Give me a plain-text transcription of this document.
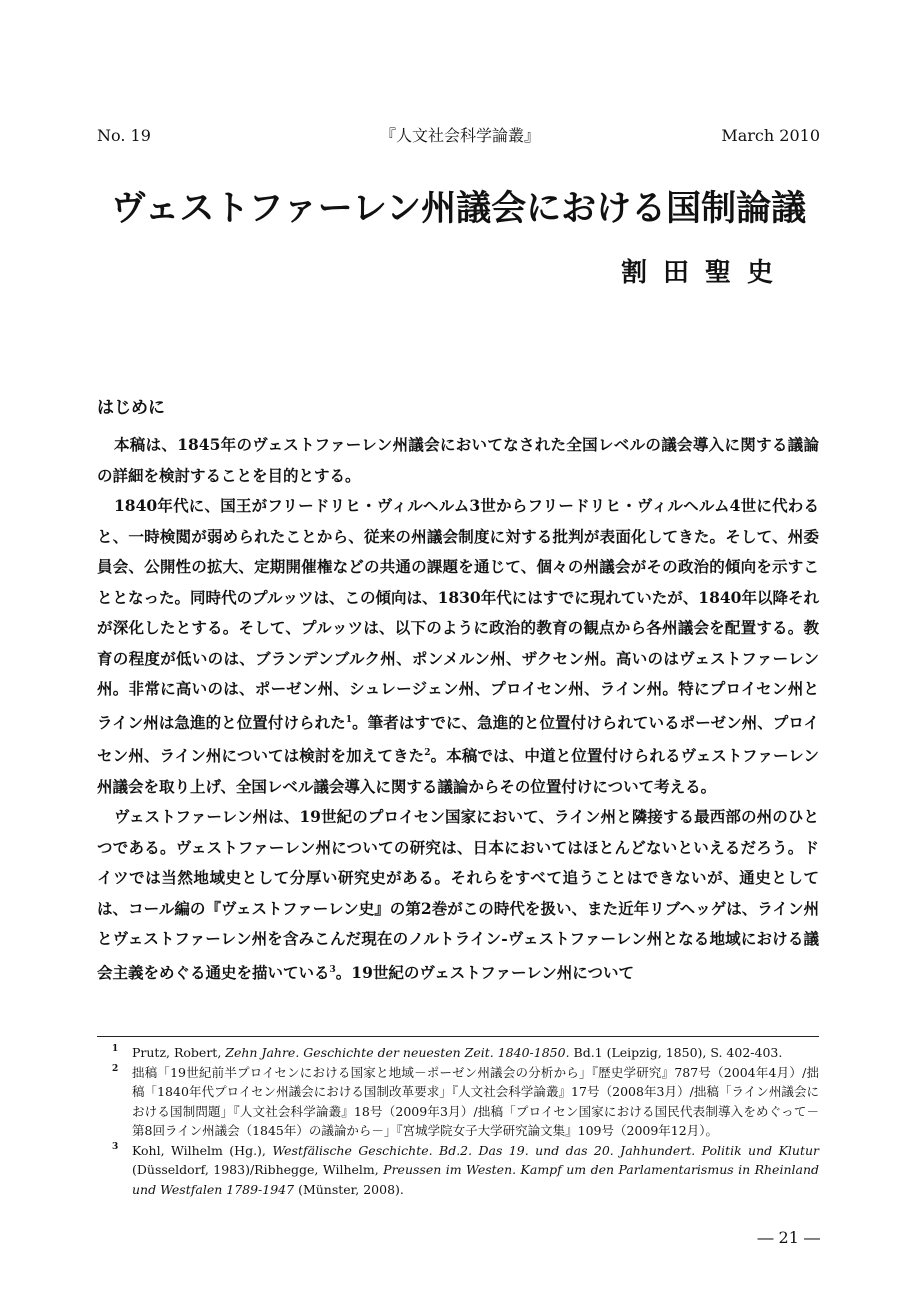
No. 19	『人文社会科学論叢』	March 2010
ヴェストファーレン州議会における国制論議
割田聖史
はじめに

本稿は、1845年のヴェストファーレン州議会においてなされた全国レベルの議会導入に関する議論の詳細を検討することを目的とする。

1840年代に、国王がフリードリヒ・ヴィルヘルム3世からフリードリヒ・ヴィルヘルム4世に代わると、一時検閲が弱められたことから、従来の州議会制度に対する批判が表面化してきた。そして、州委員会、公開性の拡大、定期開催権などの共通の課題を通じて、個々の州議会がその政治的傾向を示すこととなった。同時代のプルッツは、この傾向は、1830年代にはすでに現れていたが、1840年以降それが深化したとする。そして、プルッツは、以下のように政治的教育の観点から各州議会を配置する。教育の程度が低いのは、ブランデンブルク州、ポンメルン州、ザクセン州。高いのはヴェストファーレン州。非常に高いのは、ポーゼン州、シュレージェン州、プロイセン州、ライン州。特にプロイセン州とライン州は急進的と位置付けられた$^1$。筆者はすでに、急進的と位置付けられているポーゼン州、プロイセン州、ライン州については検討を加えてきた$^2$。本稿では、中道と位置付けられるヴェストファーレン州議会を取り上げ、全国レベル議会導入に関する議論からその位置付けについて考える。

ヴェストファーレン州は、19世紀のプロイセン国家において、ライン州と隣接する最西部の州のひとつである。ヴェストファーレン州についての研究は、日本においてはほとんどないといえるだろう。ドイツでは当然地域史として分厚い研究史がある。それらをすべて追うことはできないが、通史としては、コール編の『ヴェストファーレン史』の第2巻がこの時代を扱い、また近年リブヘッゲは、ライン州とヴェストファーレン州を含みこんだ現在のノルトライン-ヴェストファーレン州となる地域における議会主義をめぐる通史を描いている$^3$。19世紀のヴェストファーレン州について

1 Prutz, Robert, Zehn Jahre. Geschichte der neuesten Zeit. 1840-1850. Bd.1 (Leipzig, 1850), S. 402-403.
2 拙稿「19世紀前半プロイセンにおける国家と地域－ポーゼン州議会の分析から」『歴史学研究』787号（2004年4月）/拙稿「1840年代プロイセン州議会における国制改革要求」『人文社会科学論叢』17号（2008年3月）/拙稿「ライン州議会における国制問題」『人文社会科学論叢』18号（2009年3月）/拙稿「プロイセン国家における国民代表制導入をめぐって－第8回ライン州議会（1845年）の議論から－」『宮城学院女子大学研究論文集』109号（2009年12月）。
3 Kohl, Wilhelm (Hg.), Westfälische Geschichte. Bd.2. Das 19. und das 20. Jahhundert. Politik und Klutur (Düsseldorf, 1983)/Ribhegge, Wilhelm, Preussen im Westen. Kampf um den Parlamentarismus in Rheinland und Westfalen 1789-1947 (Münster, 2008).
― 21 ―
